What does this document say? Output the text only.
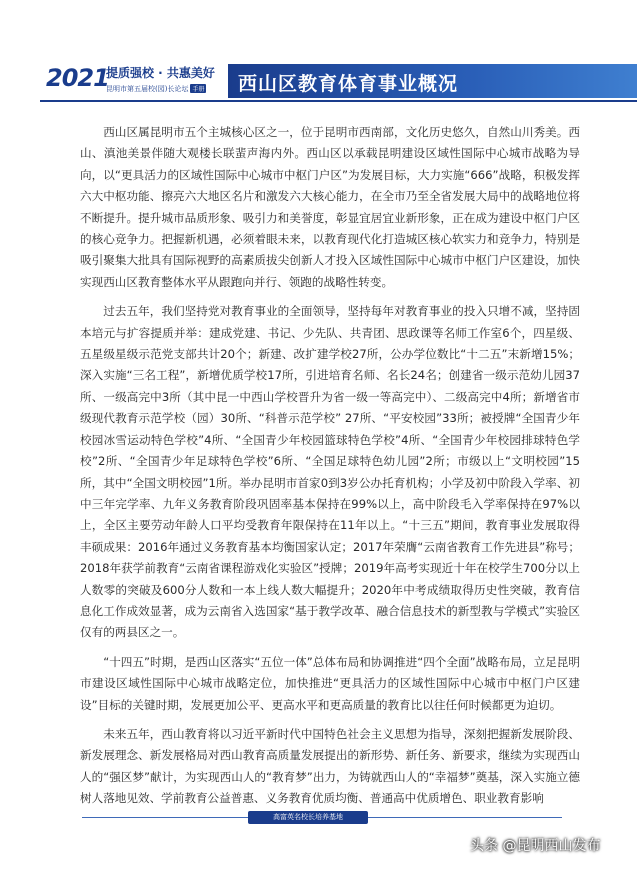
2021
提质强校 · 共惠美好
昆明市第五届校(园)长论坛 手册 西山区教育体育事业概况

西山区属昆明市五个主城核心区之一，位于昆明市西南部，文化历史悠久，自然山川秀美。西山、滇池美景伴随大观楼长联蜚声海内外。西山区以承载昆明建设区域性国际中心城市战略为导向，以“更具活力的区域性国际中心城市中枢门户区”为发展目标，大力实施“666”战略，积极发挥六大中枢功能、擦亮六大地区名片和激发六大核心能力，在全市乃至全省发展大局中的战略地位将不断提升。提升城市品质形象、吸引力和美誉度，彰显宜居宜业新形象，正在成为建设中枢门户区的核心竞争力。把握新机遇，必须着眼未来，以教育现代化打造城区核心软实力和竞争力，特别是吸引聚集大批具有国际视野的高素质拔尖创新人才投入区域性国际中心城市中枢门户区建设，加快实现西山区教育整体水平从跟跑向并行、领跑的战略性转变。

过去五年，我们坚持党对教育事业的全面领导，坚持每年对教育事业的投入只增不减，坚持固本培元与扩容提质并举：建成党建、书记、少先队、共青团、思政课等名师工作室6个，四星级、五星级星级示范党支部共计20个；新建、改扩建学校27所，公办学位数比“十二五”末新增15%；深入实施“三名工程”，新增优质学校17所，引进培育名师、名长24名；创建省一级示范幼儿园37所、一级高完中3所（其中昆一中西山学校晋升为省一级一等高完中）、二级高完中4所；新增省市级现代教育示范学校（园）30所、“科普示范学校” 27所、“平安校园”33所；被授牌“全国青少年校园冰雪运动特色学校”4所、“全国青少年校园篮球特色学校”4所、“全国青少年校园排球特色学校”2所、“全国青少年足球特色学校”6所、“全国足球特色幼儿园”2所；市级以上“文明校园”15所，其中“全国文明校园”1所。举办昆明市首家0到3岁公办托育机构；小学及初中阶段入学率、初中三年完学率、九年义务教育阶段巩固率基本保持在99%以上，高中阶段毛入学率保持在97%以上，全区主要劳动年龄人口平均受教育年限保持在11年以上。“十三五”期间，教育事业发展取得丰硕成果：2016年通过义务教育基本均衡国家认定；2017年荣膺“云南省教育工作先进县”称号；2018年获学前教育“云南省课程游戏化实验区”授牌；2019年高考实现近十年在校学生700分以上人数零的突破及600分人数和一本上线人数大幅提升；2020年中考成绩取得历史性突破，教育信息化工作成效显著，成为云南省入选国家“基于教学改革、融合信息技术的新型教与学模式”实验区仅有的两县区之一。

“十四五”时期，是西山区落实“五位一体”总体布局和协调推进“四个全面”战略布局，立足昆明市建设区域性国际中心城市战略定位，加快推进“更具活力的区域性国际中心城市中枢门户区建设”目标的关键时期，发展更加公平、更高水平和更高质量的教育比以往任何时候都更为迫切。

未来五年，西山教育将以习近平新时代中国特色社会主义思想为指导，深刻把握新发展阶段、新发展理念、新发展格局对西山教育高质量发展提出的新形势、新任务、新要求，继续为实现西山人的“强区梦”献计，为实现西山人的“教育梦”出力，为铸就西山人的“幸福梦”奠基，深入实施立德树人落地见效、学前教育公益普惠、义务教育优质均衡、普通高中优质增色、职业教育影响

高富英名校长培养基地
头条 @昆明西山发布
